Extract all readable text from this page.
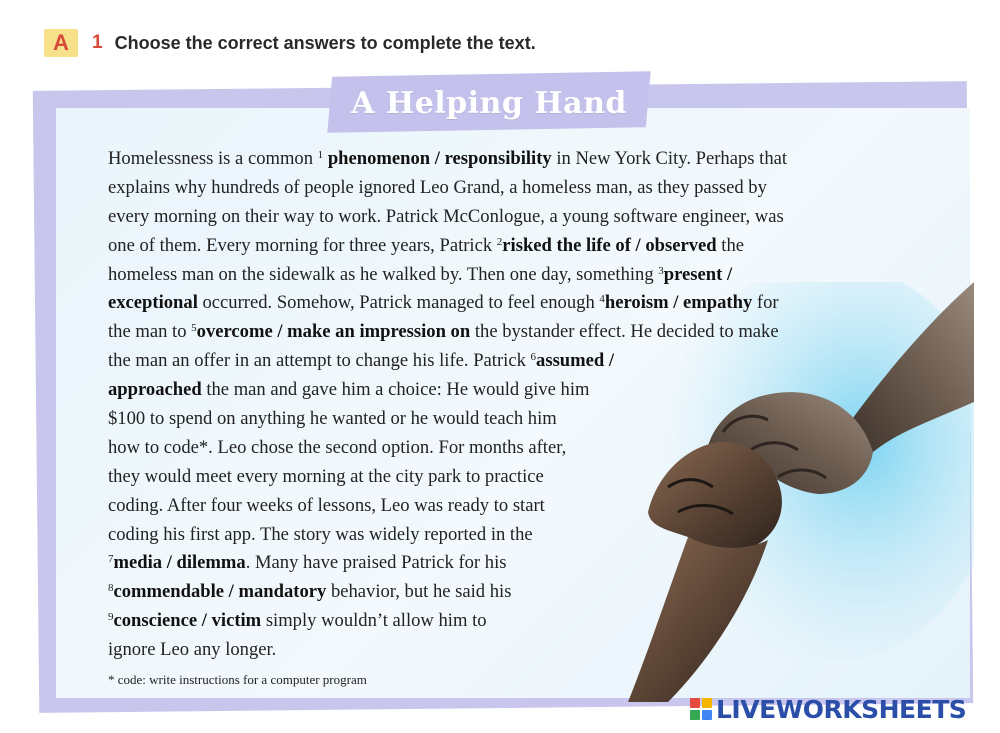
A	1 Choose the correct answers to complete the text.
A Helping Hand
Homelessness is a common $^1$ phenomenon / responsibility in New York City. Perhaps that
explains why hundreds of people ignored Leo Grand, a homeless man, as they passed by
every morning on their way to work. Patrick McConlogue, a young software engineer, was
one of them. Every morning for three years, Patrick $^2$risked the life of / observed the
homeless man on the sidewalk as he walked by. Then one day, something $^3$present /
exceptional occurred. Somehow, Patrick managed to feel enough $^4$heroism / empathy for
the man to $^5$overcome / make an impression on the bystander effect. He decided to make
the man an offer in an attempt to change his life. Patrick $^6$assumed /
approached the man and gave him a choice: He would give him
$100 to spend on anything he wanted or he would teach him
how to code*. Leo chose the second option. For months after,
they would meet every morning at the city park to practice
coding. After four weeks of lessons, Leo was ready to start
coding his first app. The story was widely reported in the
$^7$media / dilemma. Many have praised Patrick for his
$^8$commendable / mandatory behavior, but he said his
$^9$conscience / victim simply wouldn’t allow him to
ignore Leo any longer.
* code: write instructions for a computer program
LIVEWORKSHEETS
